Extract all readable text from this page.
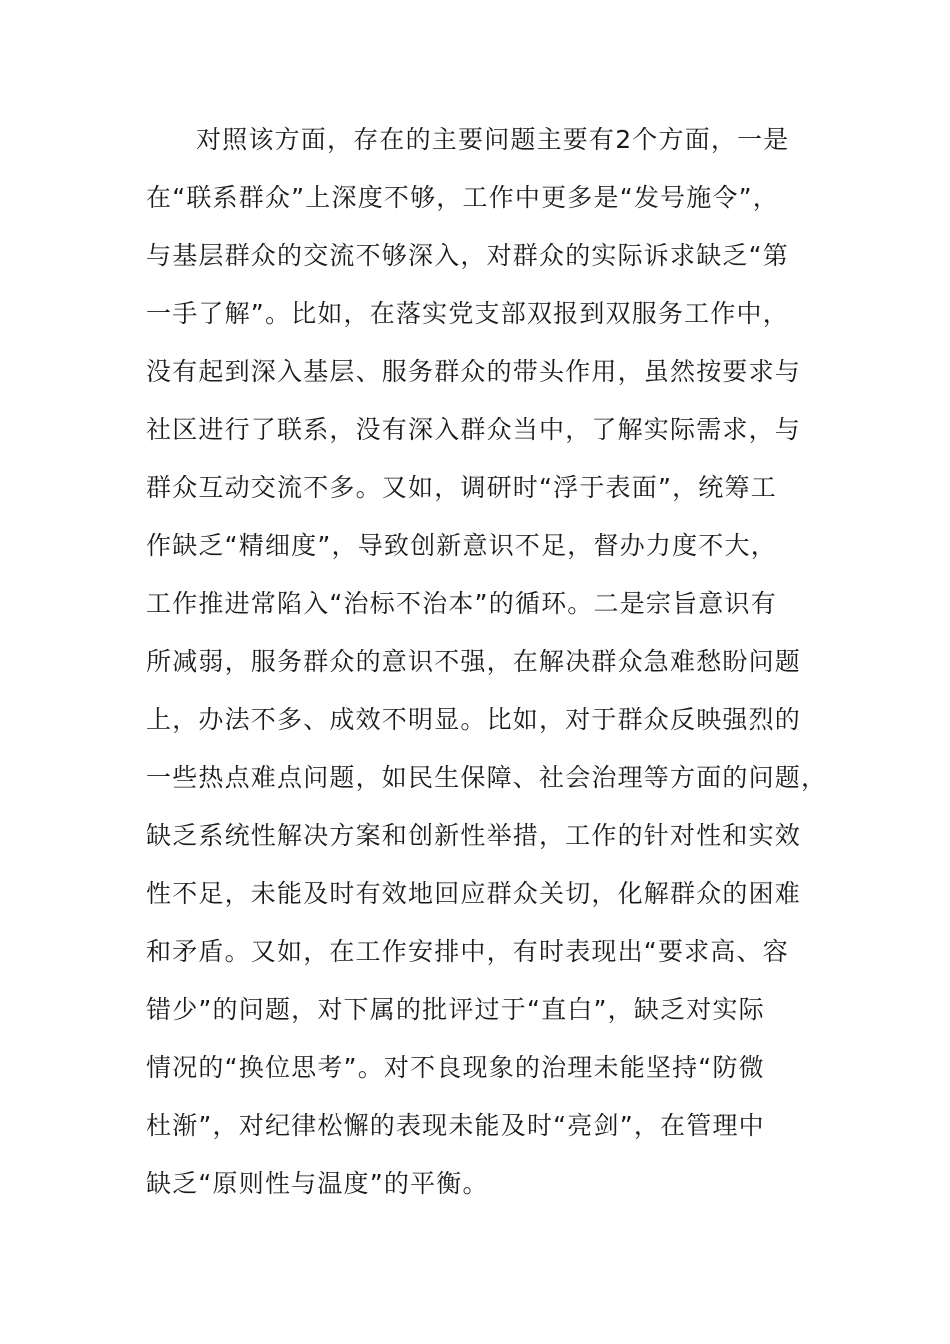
对照该方面，存在的主要问题主要有2个方面，一是
在“联系群众”上深度不够，工作中更多是“发号施令”，
与基层群众的交流不够深入，对群众的实际诉求缺乏“第
一手了解”。比如，在落实党支部双报到双服务工作中，
没有起到深入基层、服务群众的带头作用，虽然按要求与
社区进行了联系，没有深入群众当中，了解实际需求，与
群众互动交流不多。又如，调研时“浮于表面”，统筹工
作缺乏“精细度”，导致创新意识不足，督办力度不大，
工作推进常陷入“治标不治本”的循环。二是宗旨意识有
所减弱，服务群众的意识不强，在解决群众急难愁盼问题
上，办法不多、成效不明显。比如，对于群众反映强烈的
一些热点难点问题，如民生保障、社会治理等方面的问题，
缺乏系统性解决方案和创新性举措，工作的针对性和实效
性不足，未能及时有效地回应群众关切，化解群众的困难
和矛盾。又如，在工作安排中，有时表现出“要求高、容
错少”的问题，对下属的批评过于“直白”，缺乏对实际
情况的“换位思考”。对不良现象的治理未能坚持“防微
杜渐”，对纪律松懈的表现未能及时“亮剑”，在管理中
缺乏“原则性与温度”的平衡。
